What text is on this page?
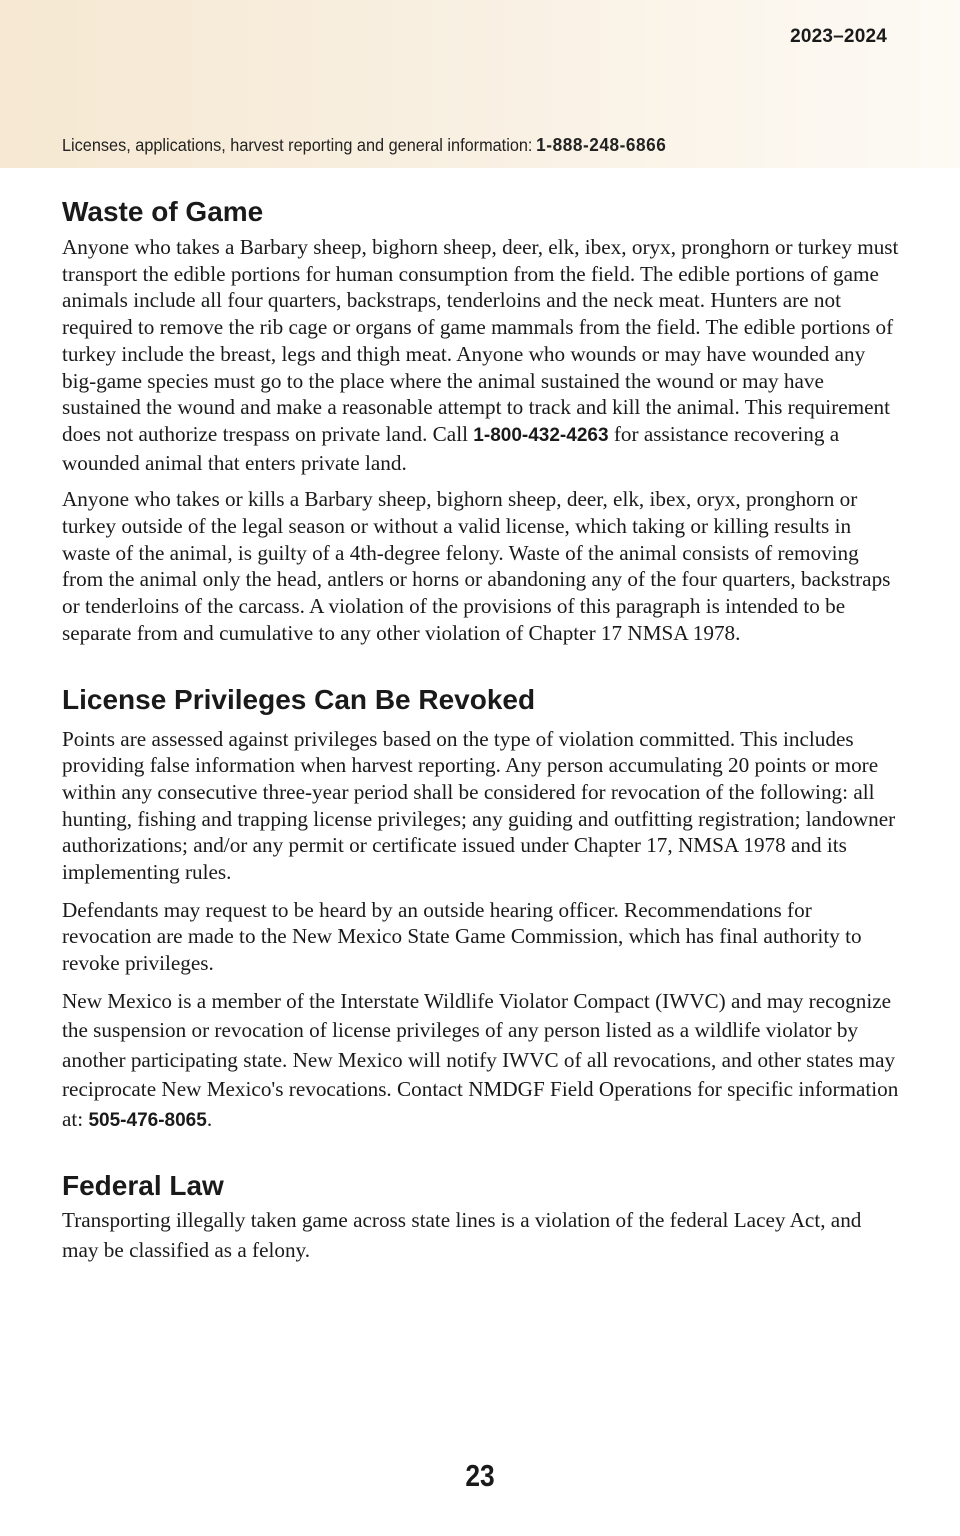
2023–2024
Licenses, applications, harvest reporting and general information: 1-888-248-6866
Waste of Game

Anyone who takes a Barbary sheep, bighorn sheep, deer, elk, ibex, oryx, pronghorn or turkey must transport the edible portions for human consumption from the field. The edible portions of game animals include all four quarters, backstraps, tenderloins and the neck meat. Hunters are not required to remove the rib cage or organs of game mammals from the field. The edible portions of turkey include the breast, legs and thigh meat. Anyone who wounds or may have wounded any big-game species must go to the place where the animal sustained the wound or may have sustained the wound and make a reasonable attempt to track and kill the animal. This requirement does not authorize trespass on private land. Call 1-800-432-4263 for assistance recovering a wounded animal that enters private land.

Anyone who takes or kills a Barbary sheep, bighorn sheep, deer, elk, ibex, oryx, pronghorn or turkey outside of the legal season or without a valid license, which taking or killing results in waste of the animal, is guilty of a 4th-degree felony. Waste of the animal consists of removing from the animal only the head, antlers or horns or abandoning any of the four quarters, backstraps or tenderloins of the carcass. A violation of the provisions of this paragraph is intended to be separate from and cumulative to any other violation of Chapter 17 NMSA 1978.

License Privileges Can Be Revoked

Points are assessed against privileges based on the type of violation committed. This includes providing false information when harvest reporting. Any person accumulating 20 points or more within any consecutive three-year period shall be considered for revocation of the following: all hunting, fishing and trapping license privileges; any guiding and outfitting registration; landowner authorizations; and/or any permit or certificate issued under Chapter 17, NMSA 1978 and its implementing rules.

Defendants may request to be heard by an outside hearing officer. Recommendations for revocation are made to the New Mexico State Game Commission, which has final authority to revoke privileges.

New Mexico is a member of the Interstate Wildlife Violator Compact (IWVC) and may recognize the suspension or revocation of license privileges of any person listed as a wildlife violator by another participating state. New Mexico will notify IWVC of all revocations, and other states may reciprocate New Mexico's revocations. Contact NMDGF Field Operations for specific information at: 505-476-8065.

Federal Law

Transporting illegally taken game across state lines is a violation of the federal Lacey Act, and may be classified as a felony.

23
